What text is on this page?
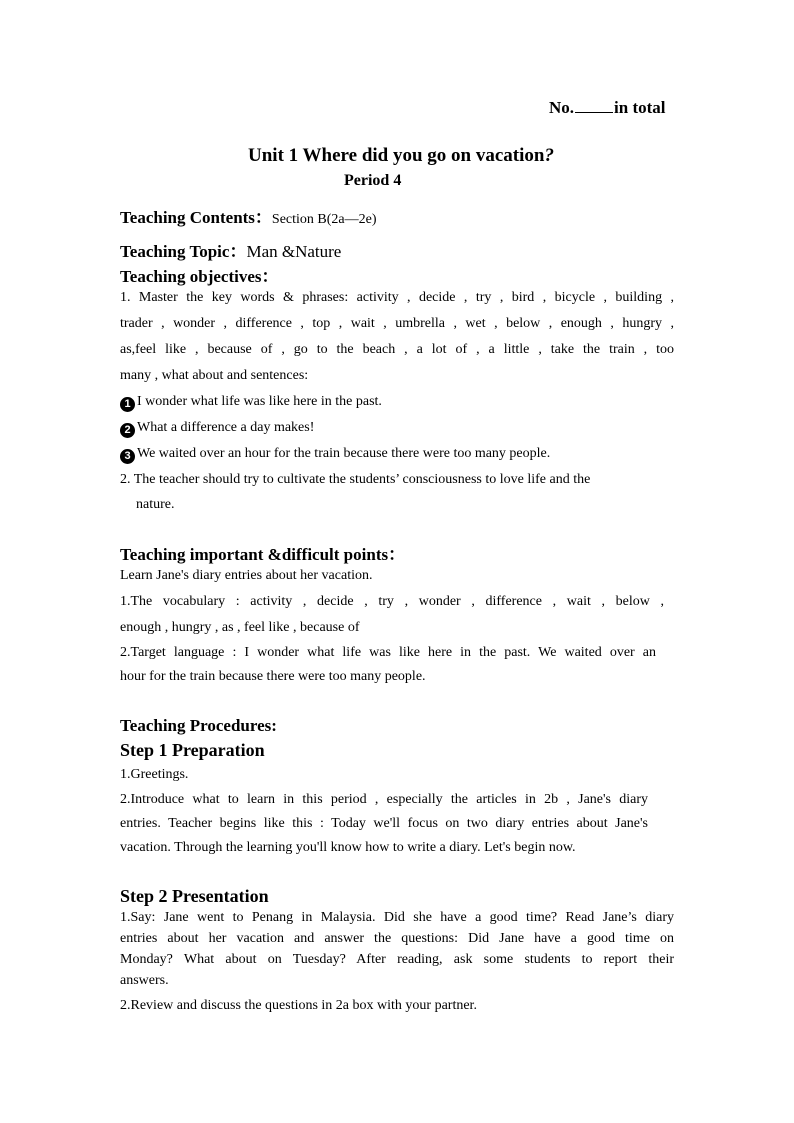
No. in total
Unit 1 Where did you go on vacation?
Period 4
Teaching Contents：Section B(2a—2e)
Teaching Topic：Man &Nature
Teaching objectives：
1. Master the key words & phrases: activity , decide , try , bird , bicycle , building ,
trader , wonder , difference , top , wait , umbrella , wet , below , enough , hungry ,
as,feel like , because of , go to the beach , a lot of , a little , take the train , too
many , what about and sentences:
1 I wonder what life was like here in the past.
2 What a difference a day makes!
3 We waited over an hour for the train because there were too many people.
2. The teacher should try to cultivate the students’ consciousness to love life and the
nature.
Teaching important &difficult points：
Learn Jane's diary entries about her vacation.
1.The vocabulary : activity , decide , try , wonder , difference , wait , below ,
enough , hungry , as , feel like , because of
2.Target language : I wonder what life was like here in the past. We waited over an
hour for the train because there were too many people.
Teaching Procedures:
Step 1 Preparation
1.Greetings.
2.Introduce what to learn in this period , especially the articles in 2b , Jane's diary
entries. Teacher begins like this : Today we'll focus on two diary entries about Jane's
vacation. Through the learning you'll know how to write a diary. Let's begin now.
Step 2 Presentation
1.Say: Jane went to Penang in Malaysia. Did she have a good time? Read Jane’s diary
entries about her vacation and answer the questions: Did Jane have a good time on
Monday? What about on Tuesday? After reading, ask some students to report their
answers.
2.Review and discuss the questions in 2a box with your partner.
